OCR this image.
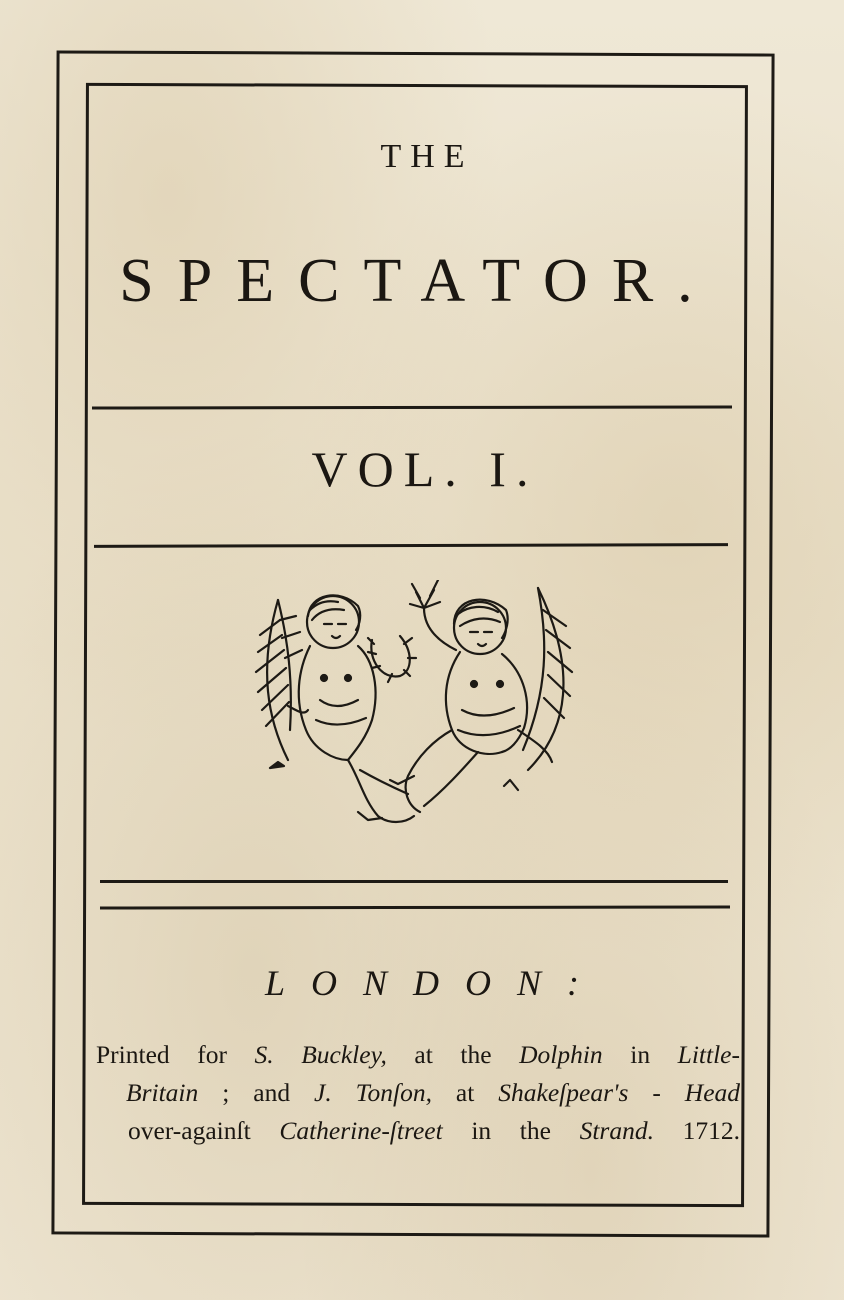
THE
SPECTATOR.
VOL. I.
LONDON:
Printed for S. Buckley, at the Dolphin in Little-
Britain ; and J. Tonſon, at Shakeſpear's - Head
over-againſt Catherine-ſtreet in the Strand. 1712.
